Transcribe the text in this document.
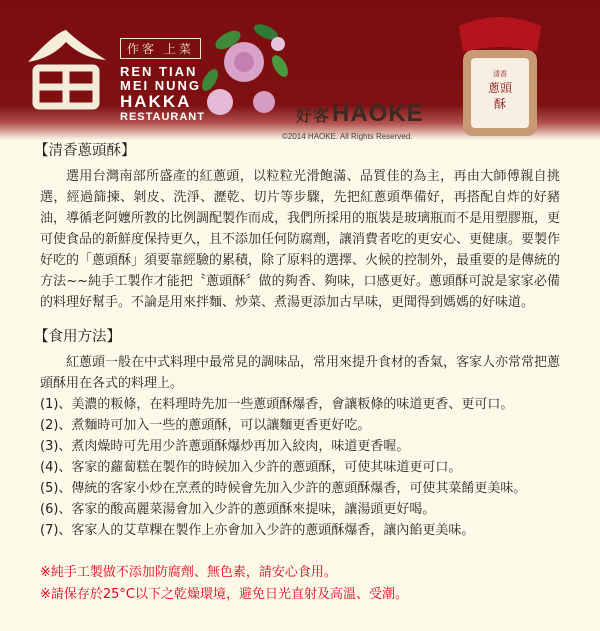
作客 上菜
REN TIAN
MEI NUNG
HAKKA
RESTAURANT
清香
蔥頭
酥
好客HAOKE
©2014 HAOKE. All Rights Reserved.
【清香蔥頭酥】

選用台灣南部所盛產的紅蔥頭，以粒粒光滑飽滿、品質佳的為主，再由大師傅親自挑選，經過篩揀、剝皮、洗淨、瀝乾、切片等步驟，先把紅蔥頭準備好，再搭配自炸的好豬油，導循老阿嬤所教的比例調配製作而成，我們所採用的瓶裝是玻璃瓶而不是用塑膠瓶，更可使食品的新鮮度保持更久，且不添加任何防腐劑，讓消費者吃的更安心、更健康。要製作好吃的「蔥頭酥」須要靠經驗的累積，除了原料的選擇、火候的控制外，最重要的是傳統的方法~~純手工製作才能把〝蔥頭酥〞做的夠香、夠味，口感更好。蔥頭酥可說是家家必備的料理好幫手。不論是用來拌麵、炒菜、煮湯更添加古早味，更聞得到媽媽的好味道。

【食用方法】

紅蔥頭一般在中式料理中最常見的調味品，常用來提升食材的香氣，客家人亦常常把蔥頭酥用在各式的料理上。

(1)、美濃的粄條，在料理時先加一些蔥頭酥爆香，會讓粄條的味道更香、更可口。
(2)、煮麵時可加入一些的蔥頭酥，可以讓麵更香更好吃。
(3)、煮肉燥時可先用少許蔥頭酥爆炒再加入絞肉，味道更香喔。
(4)、客家的蘿蔔糕在製作的時候加入少許的蔥頭酥，可使其味道更可口。
(5)、傳統的客家小炒在烹煮的時候會先加入少許的蔥頭酥爆香，可使其菜餚更美味。
(6)、客家的酸高麗菜湯會加入少許的蔥頭酥來提味，讓湯頭更好喝。
(7)、客家人的艾草粿在製作上亦會加入少許的蔥頭酥爆香，讓內餡更美味。
※純手工製做不添加防腐劑、無色素，請安心食用。
※請保存於25°C以下之乾燥環境，避免日光直射及高溫、受潮。
